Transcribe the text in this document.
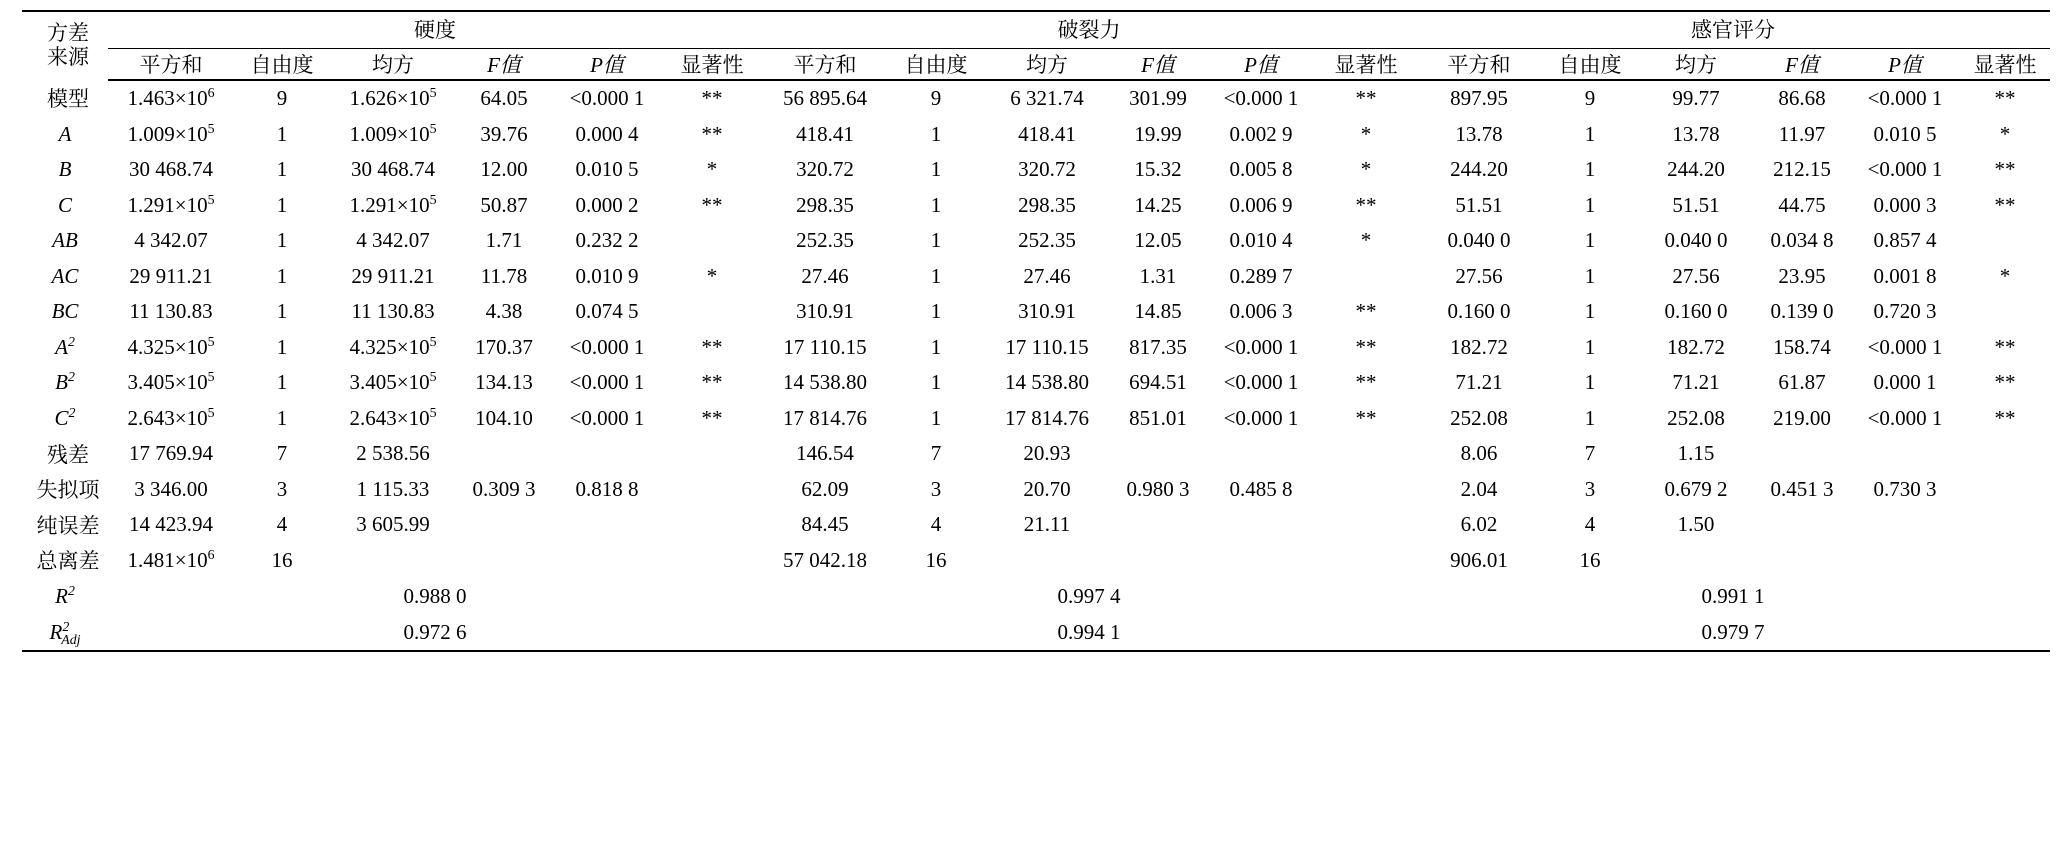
方差
来源	硬度						破裂力						感官评分					
	平方和	自由度	均方	F值	P值	显著性	平方和	自由度	均方	F值	P值	显著性	平方和	自由度	均方	F值	P值	显著性
模型	$1.463\times 10^6$	9	$1.626\times 10^5$	64.05	<0.000 1	**	56 895.64	9	6 321.74	301.99	<0.000 1	**	897.95	9	99.77	86.68	<0.000 1	**
A	$1.009\times 10^5$	1	$1.009\times 10^5$	39.76	0.000 4	**	418.41	1	418.41	19.99	0.002 9	*	13.78	1	13.78	11.97	0.010 5	*
B	30 468.74	1	30 468.74	12.00	0.010 5	*	320.72	1	320.72	15.32	0.005 8	*	244.20	1	244.20	212.15	<0.000 1	**
C	$1.291\times 10^5$	1	$1.291\times 10^5$	50.87	0.000 2	**	298.35	1	298.35	14.25	0.006 9	**	51.51	1	51.51	44.75	0.000 3	**
AB	4 342.07	1	4 342.07	1.71	0.232 2		252.35	1	252.35	12.05	0.010 4	*	0.040 0	1	0.040 0	0.034 8	0.857 4	
AC	29 911.21	1	29 911.21	11.78	0.010 9	*	27.46	1	27.46	1.31	0.289 7		27.56	1	27.56	23.95	0.001 8	*
BC	11 130.83	1	11 130.83	4.38	0.074 5		310.91	1	310.91	14.85	0.006 3	**	0.160 0	1	0.160 0	0.139 0	0.720 3	
$A^2$	$4.325\times 10^5$	1	$4.325\times 10^5$	170.37	<0.000 1	**	17 110.15	1	17 110.15	817.35	<0.000 1	**	182.72	1	182.72	158.74	<0.000 1	**
$B^2$	$3.405\times 10^5$	1	$3.405\times 10^5$	134.13	<0.000 1	**	14 538.80	1	14 538.80	694.51	<0.000 1	**	71.21	1	71.21	61.87	0.000 1	**
$C^2$	$2.643\times 10^5$	1	$2.643\times 10^5$	104.10	<0.000 1	**	17 814.76	1	17 814.76	851.01	<0.000 1	**	252.08	1	252.08	219.00	<0.000 1	**
残差	17 769.94	7	2 538.56				146.54	7	20.93				8.06	7	1.15			
失拟项	3 346.00	3	1 115.33	0.309 3	0.818 8		62.09	3	20.70	0.980 3	0.485 8		2.04	3	0.679 2	0.451 3	0.730 3	
纯误差	14 423.94	4	3 605.99				84.45	4	21.11				6.02	4	1.50			
总离差	$1.481\times 10^6$	16					57 042.18	16					906.01	16				
$R^2$	0.988 0						0.997 4						0.991 1					
$R^2_{Adj}$	0.972 6						0.994 1						0.979 7					
